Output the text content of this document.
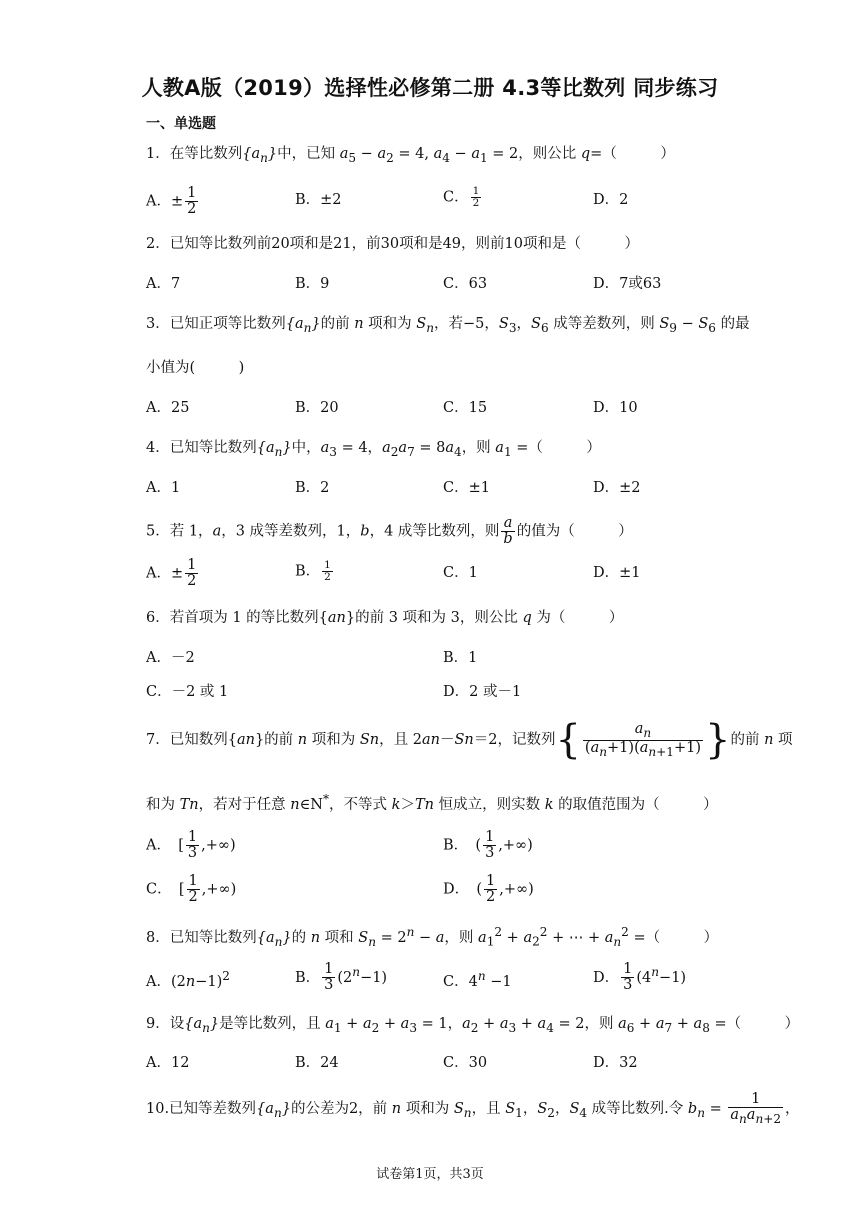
人教A版（2019）选择性必修第二册 4.3等比数列 同步练习
一、单选题
1．在等比数列$\{a_n\}$中，已知 $a_5 - a_2 = 4$, $a_4 - a_1 = 2$，则公比 q=（　　　）
A．± $\frac{1}{2}$	B．±2	C． $\frac{1}{2}$	D．2
2．已知等比数列前20项和是21，前30项和是49，则前10项和是（　　　）
A．7	B．9	C．63	D．7或63
3．已知正项等比数列$\{a_n\}$的前 n 项和为 $S_n$，若−5，$S_3$，$S_6$ 成等差数列，则 $S_9 - S_6$ 的最
小值为(　　　)
A．25	B．20	C．15	D．10
4．已知等比数列$\{a_n\}$中，$a_3 = 4$，$a_2a_7 = 8a_4$，则 $a_1$ =（　　　）
A．1	B．2	C．±1	D．±2
5．若 1，a，3 成等差数列，1，b，4 成等比数列，则 $\frac{a}{b}$ 的值为（　　　）
A．± $\frac{1}{2}$	B． $\frac{1}{2}$	C．1	D．±1
6．若首项为 1 的等比数列{an}的前 3 项和为 3，则公比 q 为（　　　）
A．－2	B．1
C．－2 或 1	D．2 或－1
7．已知数列{an}的前 n 项和为 Sn，且 2an－Sn＝2，记数列{ $\frac{a_n}{(a_n+1)(a_{n+1}+1)}$ }的前 n 项
和为 Tn，若对于任意 n∈N*，不等式 k＞Tn 恒成立，则实数 k 的取值范围为（　　　）
A．　[ $\frac{1}{3}$ ,+∞)	B．　( $\frac{1}{3}$ ,+∞)
C．　[ $\frac{1}{2}$ ,+∞)	D．　( $\frac{1}{2}$ ,+∞)
8．已知等比数列$\{a_n\}$的 n 项和 $S_n = 2^n - a$，则 $a_1^2 + a_2^2$ + ⋯ + $a_n^2$ =（　　　）
A．$(2n-1)^2$	B． $\frac{1}{3} (2^n-1)$	C．$4^n -1$	D． $\frac{1}{3} (4^n-1)$
9．设$\{a_n\}$是等比数列，且 $a_1 + a_2 + a_3 = 1$，$a_2 + a_3 + a_4 = 2$，则 $a_6 + a_7 + a_8$ =（　　　）
A．12	B．24	C．30	D．32
10.已知等差数列$\{a_n\}$的公差为2，前 n 项和为 $S_n$，且 $S_1$，$S_2$，$S_4$ 成等比数列.令 $b_n = \frac{1}{a_na_{n+2}}$ ，
试卷第1页，共3页
